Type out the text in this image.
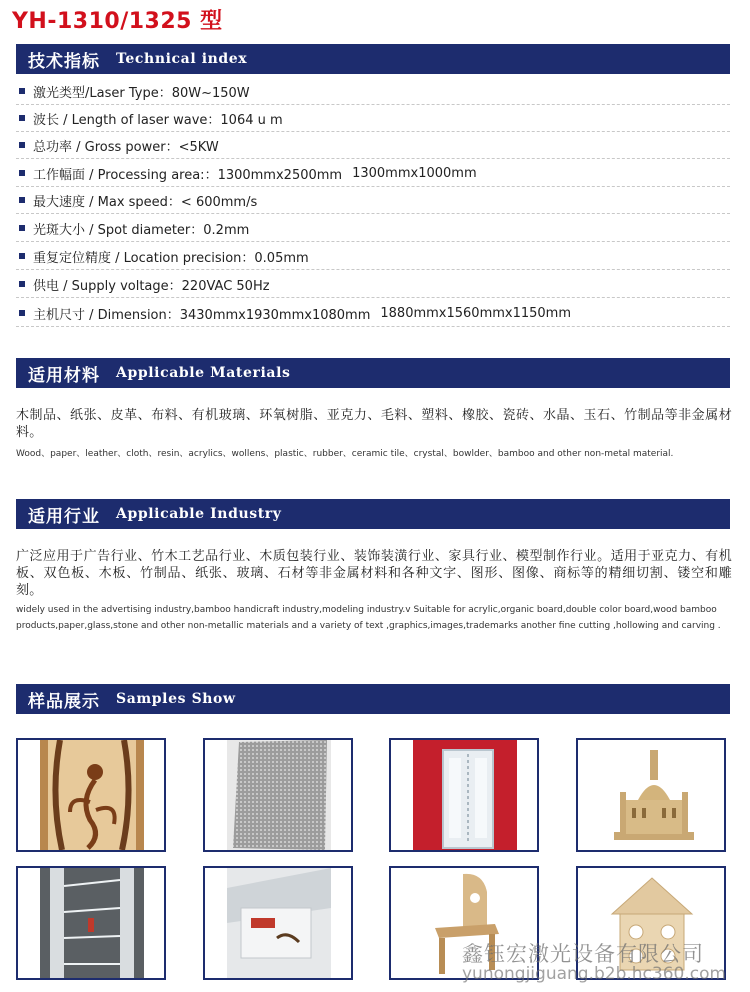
YH-1310/1325 型
技术指标 Technical index
激光类型/Laser Type：80W~150W
波长 / Length of laser wave：1064 u m
总功率 / Gross power：<5KW
工作幅面 / Processing area:：1300mmx2500mm 1300mmx1000mm
最大速度 / Max speed：< 600mm/s
光斑大小 / Spot diameter：0.2mm
重复定位精度 / Location precision：0.05mm
供电 / Supply voltage：220VAC 50Hz
主机尺寸 / Dimension：3430mmx1930mmx1080mm 1880mmx1560mmx1150mm
适用材料 Applicable Materials
木制品、纸张、皮革、布料、有机玻璃、环氧树脂、亚克力、毛料、塑料、橡胶、瓷砖、水晶、玉石、竹制品等非金属材料。
Wood、paper、leather、cloth、resin、acrylics、wollens、plastic、rubber、ceramic tile、crystal、bowlder、bamboo and other non-metal material.
适用行业 Applicable Industry
广泛应用于广告行业、竹木工艺品行业、木质包装行业、装饰装潢行业、家具行业、模型制作行业。适用于亚克力、有机板、双色板、木板、竹制品、纸张、玻璃、石材等非金属材料和各种文字、图形、图像、商标等的精细切割、镂空和雕刻。
widely used in the advertising industry,bamboo handicraft industry,modeling industry.v Suitable for acrylic,organic board,double color board,wood bamboo products,paper,glass,stone and other non-metallic materials and a variety of text ,graphics,images,trademarks another fine cutting ,hollowing and carving .
样品展示 Samples Show
鑫钰宏激光设备有限公司
yunongjiguang.b2b.hc360.com
